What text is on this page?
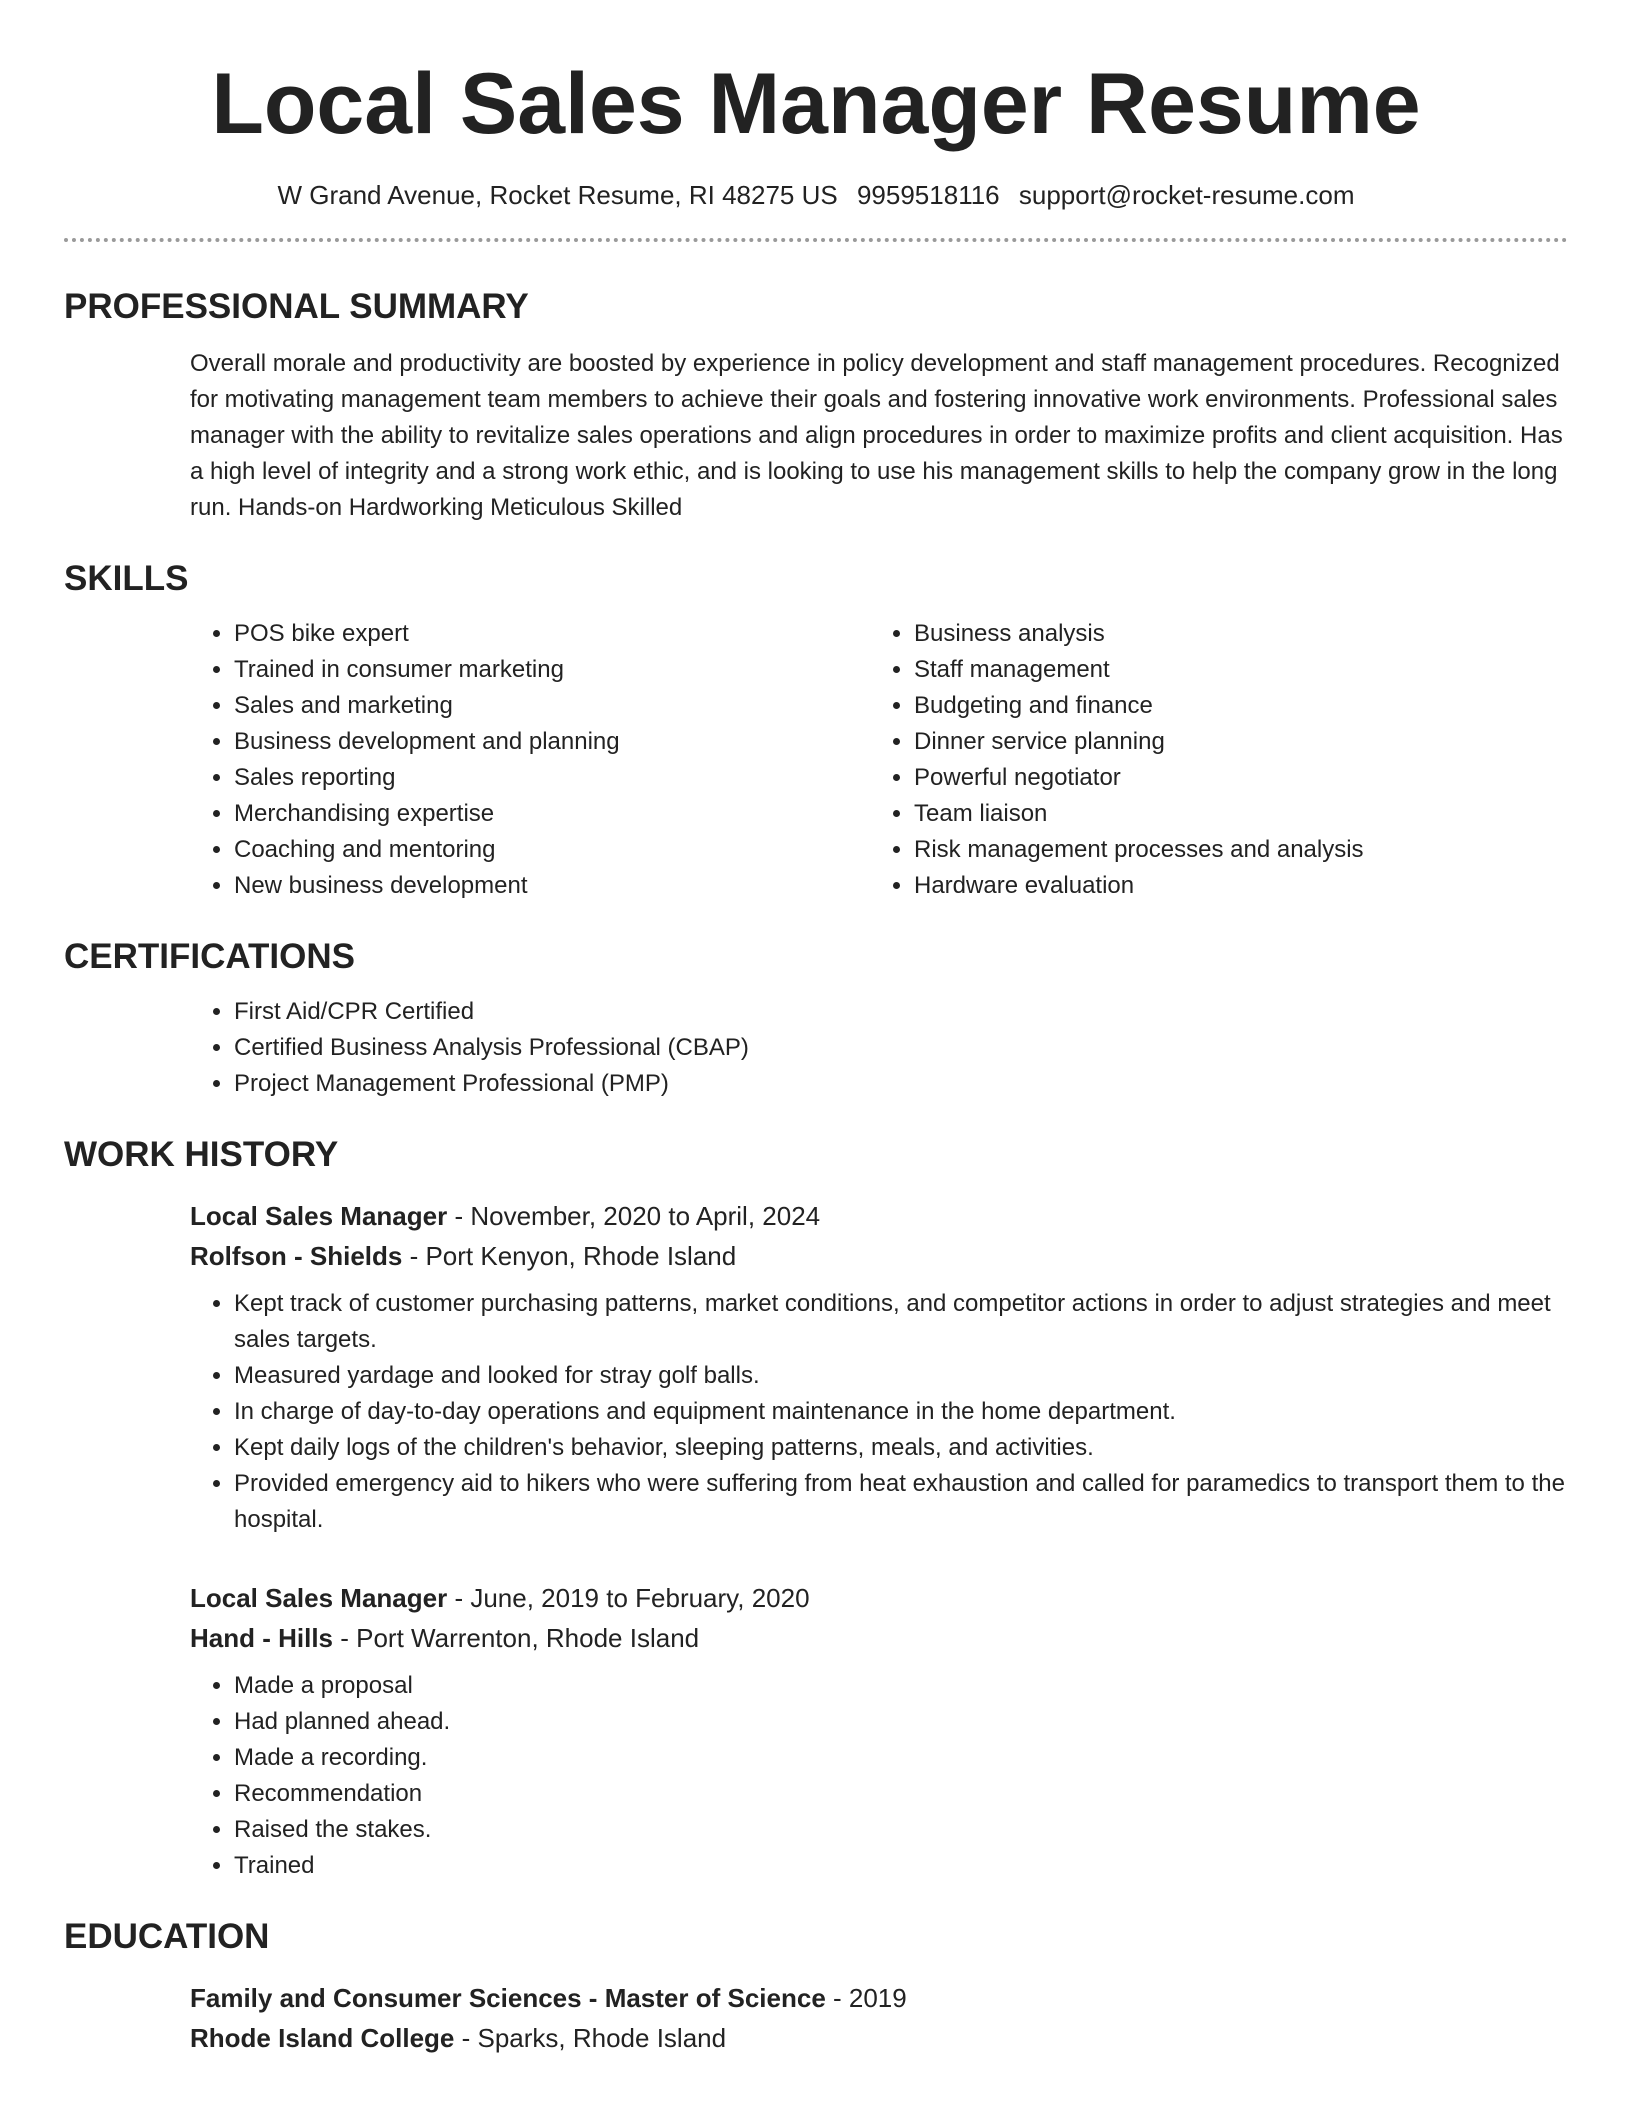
Local Sales Manager Resume
W Grand Avenue, Rocket Resume, RI 48275 US 9959518116 support@rocket-resume.com
PROFESSIONAL SUMMARY

Overall morale and productivity are boosted by experience in policy development and staff management procedures. Recognized for motivating management team members to achieve their goals and fostering innovative work environments. Professional sales manager with the ability to revitalize sales operations and align procedures in order to maximize profits and client acquisition. Has a high level of integrity and a strong work ethic, and is looking to use his management skills to help the company grow in the long run. Hands-on Hardworking Meticulous Skilled

SKILLS
• POS bike expert
• Trained in consumer marketing
• Sales and marketing
• Business development and planning
• Sales reporting
• Merchandising expertise
• Coaching and mentoring
• New business development
• Business analysis
• Staff management
• Budgeting and finance
• Dinner service planning
• Powerful negotiator
• Team liaison
• Risk management processes and analysis
• Hardware evaluation
CERTIFICATIONS
• First Aid/CPR Certified
• Certified Business Analysis Professional (CBAP)
• Project Management Professional (PMP)
WORK HISTORY
Local Sales Manager - November, 2020 to April, 2024
Rolfson - Shields - Port Kenyon, Rhode Island
• Kept track of customer purchasing patterns, market conditions, and competitor actions in order to adjust strategies and meet sales targets.
• Measured yardage and looked for stray golf balls.
• In charge of day-to-day operations and equipment maintenance in the home department.
• Kept daily logs of the children's behavior, sleeping patterns, meals, and activities.
• Provided emergency aid to hikers who were suffering from heat exhaustion and called for paramedics to transport them to the hospital.
Local Sales Manager - June, 2019 to February, 2020
Hand - Hills - Port Warrenton, Rhode Island
• Made a proposal
• Had planned ahead.
• Made a recording.
• Recommendation
• Raised the stakes.
• Trained
EDUCATION
Family and Consumer Sciences - Master of Science - 2019
Rhode Island College - Sparks, Rhode Island
